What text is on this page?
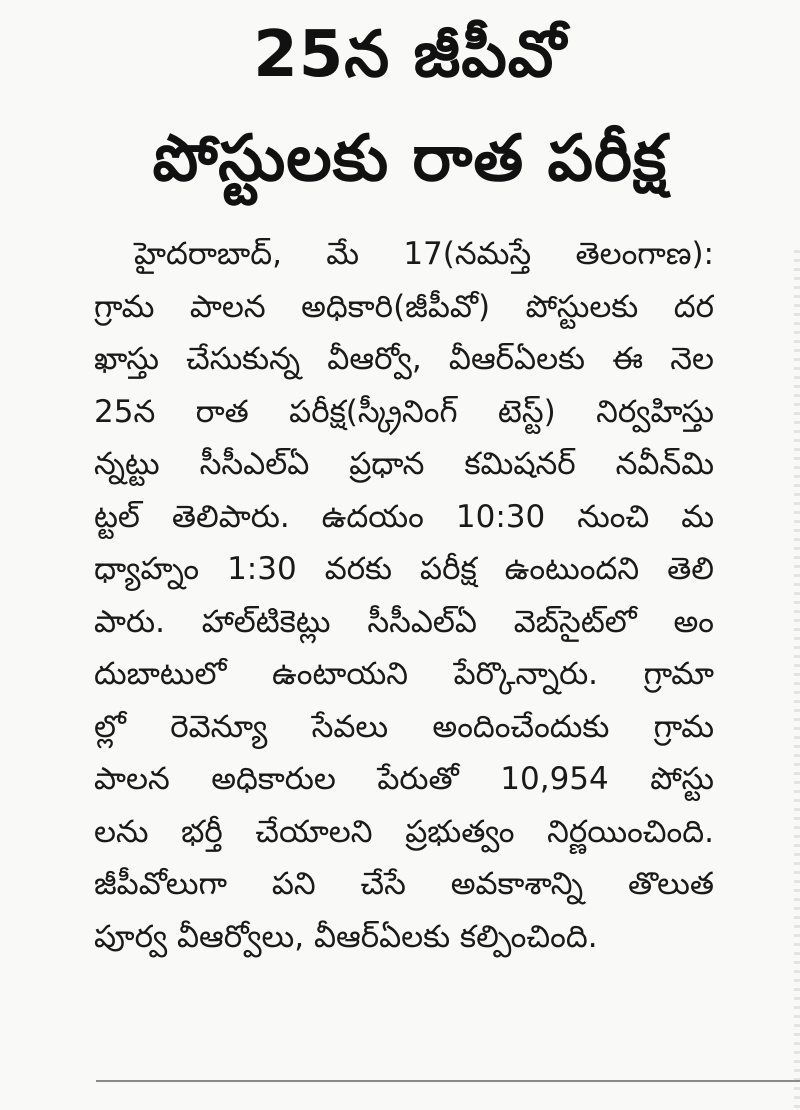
25న జీపీవో
పోస్టులకు రాత పరీక్ష
హైదరాబాద్, మే 17(నమస్తే తెలంగాణ):
గ్రామ పాలన అధికారి(జీపీవో) పోస్టులకు దర
ఖాస్తు చేసుకున్న వీఆర్వో, వీఆర్‌ఏలకు ఈ నెల
25న రాత పరీక్ష(స్క్రీనింగ్ టెస్ట్) నిర్వహిస్తు
న్నట్టు సీసీఎల్‌ఏ ప్రధాన కమిషనర్ నవీన్‌మి
ట్టల్ తెలిపారు. ఉదయం 10:30 నుంచి మ
ధ్యాహ్నం 1:30 వరకు పరీక్ష ఉంటుందని తెలి
పారు. హాల్‌టికెట్లు సీసీఎల్‌ఏ వెబ్‌సైట్‌లో అం
దుబాటులో ఉంటాయని పేర్కొన్నారు. గ్రామా
ల్లో రెవెన్యూ సేవలు అందించేందుకు గ్రామ
పాలన అధికారుల పేరుతో 10,954 పోస్టు
లను భర్తీ చేయాలని ప్రభుత్వం నిర్ణయించింది.
జీపీవోలుగా పని చేసే అవకాశాన్ని తొలుత
పూర్వ వీఆర్వోలు, వీఆర్‌ఏలకు కల్పించింది.
